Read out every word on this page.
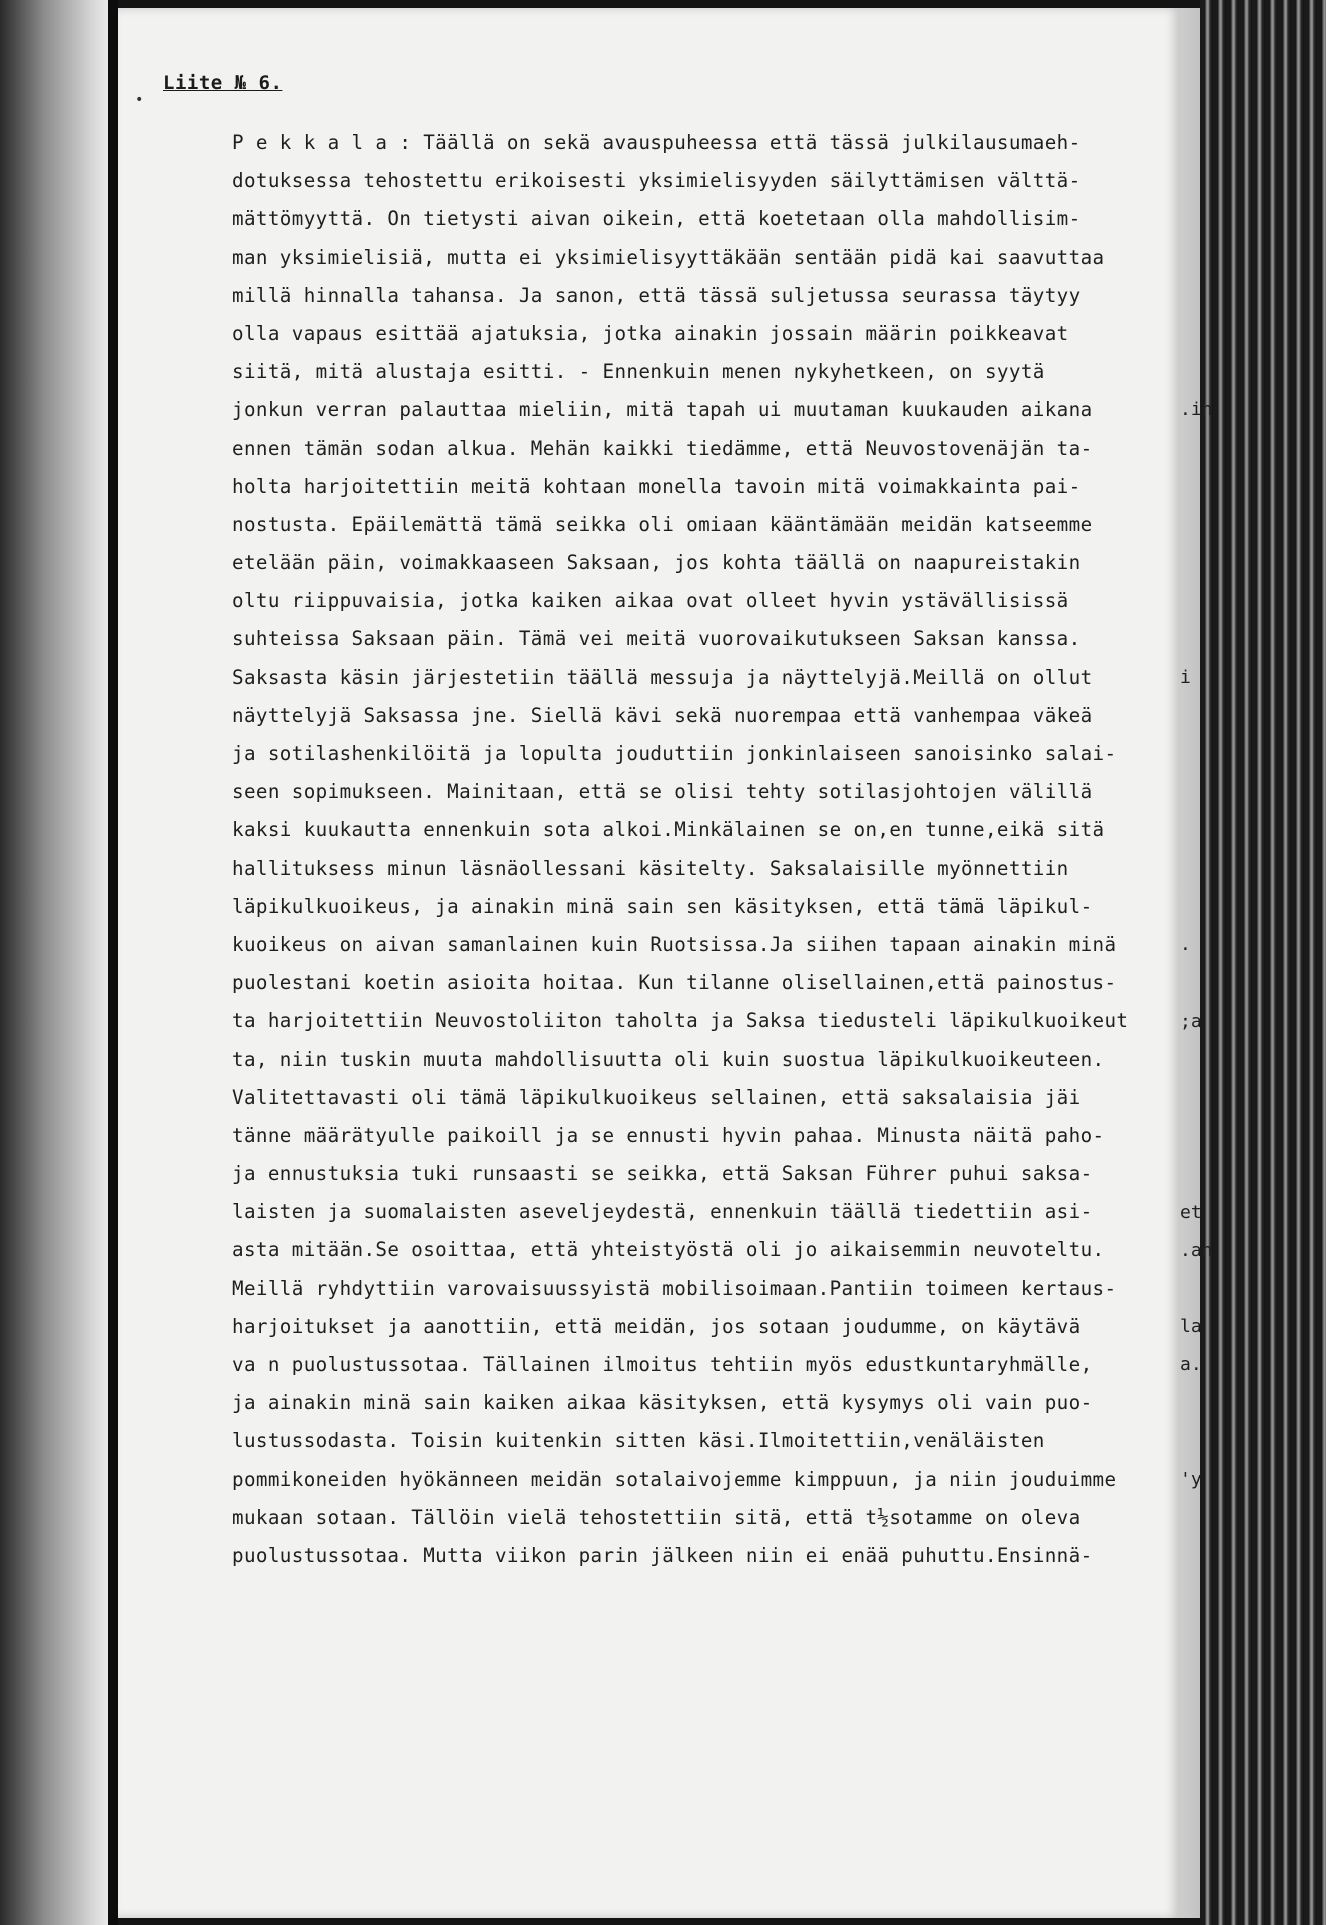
•
Liite № 6.
P e k k a l a : Täällä on sekä avauspuheessa että tässä julkilausumaeh-
dotuksessa tehostettu erikoisesti yksimielisyyden säilyttämisen välttä-
mättömyyttä. On tietysti aivan oikein, että koetetaan olla mahdollisim-
man yksimielisiä, mutta ei yksimielisyyttäkään sentään pidä kai saavuttaa
millä hinnalla tahansa. Ja sanon, että tässä suljetussa seurassa täytyy
olla vapaus esittää ajatuksia, jotka ainakin jossain määrin poikkeavat
siitä, mitä alustaja esitti. - Ennenkuin menen nykyhetkeen, on syytä
jonkun verran palauttaa mieliin, mitä tapah ui muutaman kuukauden aikana
ennen tämän sodan alkua. Mehän kaikki tiedämme, että Neuvostovenäjän ta-
holta harjoitettiin meitä kohtaan monella tavoin mitä voimakkainta pai-
nostusta. Epäilemättä tämä seikka oli omiaan kääntämään meidän katseemme
etelään päin, voimakkaaseen Saksaan, jos kohta täällä on naapureistakin
oltu riippuvaisia, jotka kaiken aikaa ovat olleet hyvin ystävällisissä
suhteissa Saksaan päin. Tämä vei meitä vuorovaikutukseen Saksan kanssa.
Saksasta käsin järjestetiin täällä messuja ja näyttelyjä.Meillä on ollut
näyttelyjä Saksassa jne. Siellä kävi sekä nuorempaa että vanhempaa väkeä
ja sotilashenkilöitä ja lopulta jouduttiin jonkinlaiseen sanoisinko salai-
seen sopimukseen. Mainitaan, että se olisi tehty sotilasjohtojen välillä
kaksi kuukautta ennenkuin sota alkoi.Minkälainen se on,en tunne,eikä sitä
hallituksess minun läsnäollessani käsitelty. Saksalaisille myönnettiin
läpikulkuoikeus, ja ainakin minä sain sen käsityksen, että tämä läpikul-
kuoikeus on aivan samanlainen kuin Ruotsissa.Ja siihen tapaan ainakin minä
puolestani koetin asioita hoitaa. Kun tilanne olisellainen,että painostus-
ta harjoitettiin Neuvostoliiton taholta ja Saksa tiedusteli läpikulkuoikeut
ta, niin tuskin muuta mahdollisuutta oli kuin suostua läpikulkuoikeuteen.
Valitettavasti oli tämä läpikulkuoikeus sellainen, että saksalaisia jäi
tänne määrätyulle paikoill ja se ennusti hyvin pahaa. Minusta näitä paho-
ja ennustuksia tuki runsaasti se seikka, että Saksan Führer puhui saksa-
laisten ja suomalaisten aseveljeydestä, ennenkuin täällä tiedettiin asi-
asta mitään.Se osoittaa, että yhteistyöstä oli jo aikaisemmin neuvoteltu.
Meillä ryhdyttiin varovaisuussyistä mobilisoimaan.Pantiin toimeen kertaus-
harjoitukset ja aanottiin, että meidän, jos sotaan joudumme, on käytävä
va n puolustussotaa. Tällainen ilmoitus tehtiin myös edustkuntaryhmälle,
ja ainakin minä sain kaiken aikaa käsityksen, että kysymys oli vain puo-
lustussodasta. Toisin kuitenkin sitten käsi.Ilmoitettiin,venäläisten
pommikoneiden hyökänneen meidän sotalaivojemme kimppuun, ja niin jouduimme
mukaan sotaan. Tällöin vielä tehostettiin sitä, että t½sotamme on oleva
puolustussotaa. Mutta viikon parin jälkeen niin ei enää puhuttu.Ensinnä-
.in
i
.
;a
et
.an
la
a.
'y
